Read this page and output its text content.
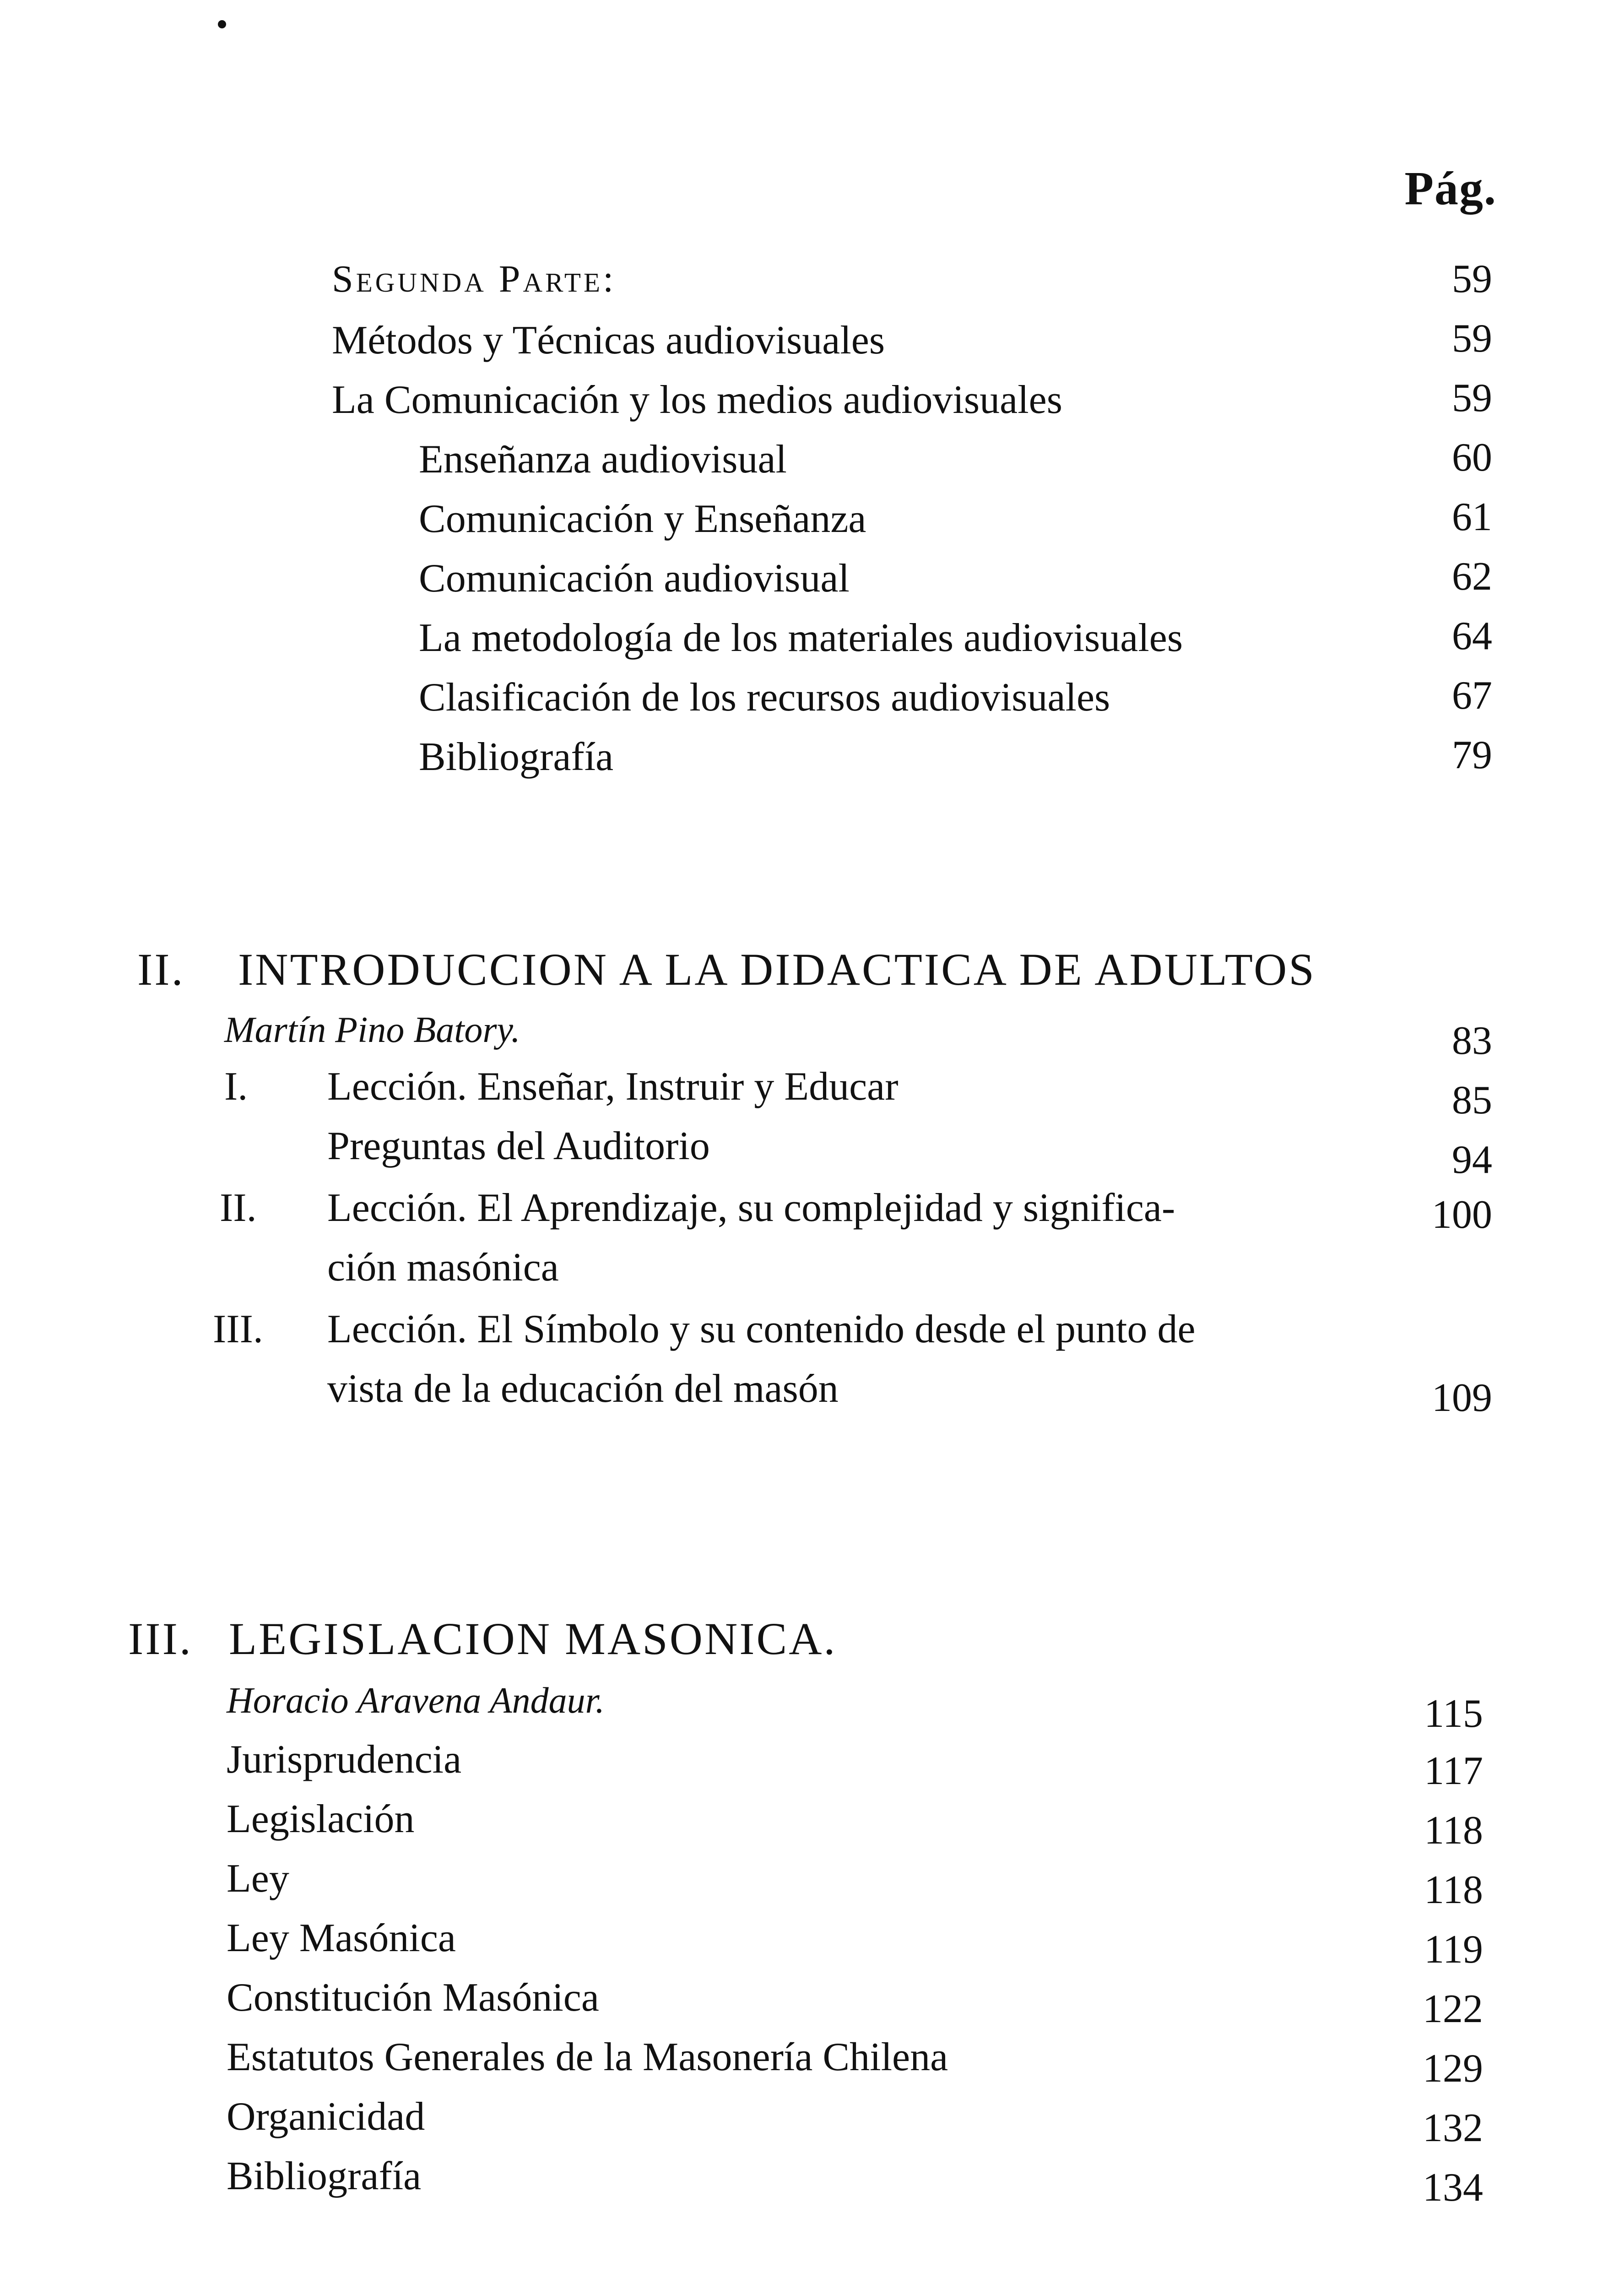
Pág.
Segunda Parte:	59
Métodos y Técnicas audiovisuales	59
La Comunicación y los medios audiovisuales	59
Enseñanza audiovisual	60
Comunicación y Enseñanza	61
Comunicación audiovisual	62
La metodología de los materiales audiovisuales	64
Clasificación de los recursos audiovisuales	67
Bibliografía	79
II. INTRODUCCION A LA DIDACTICA DE ADULTOS
Martín Pino Batory.	83
I. Lección. Enseñar, Instruir y Educar	85
Preguntas del Auditorio	94
II. Lección. El Aprendizaje, su complejidad y significa-	100
ción masónica
III. Lección. El Símbolo y su contenido desde el punto de
vista de la educación del masón	109
III. LEGISLACION MASONICA.
Horacio Aravena Andaur.	115
Jurisprudencia	117
Legislación	118
Ley	118
Ley Masónica	119
Constitución Masónica	122
Estatutos Generales de la Masonería Chilena	129
Organicidad	132
Bibliografía	134
